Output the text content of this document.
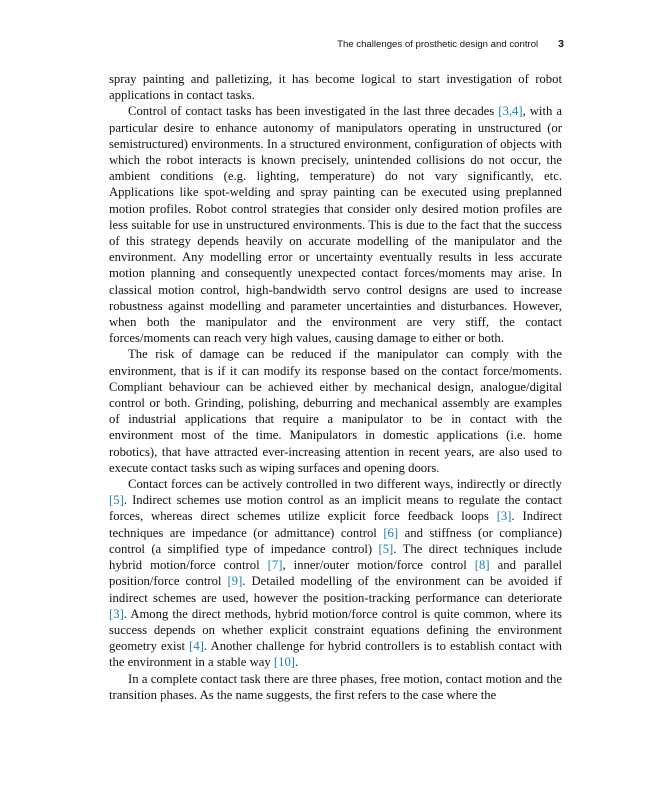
The challenges of prosthetic design and control 3

spray painting and palletizing, it has become logical to start investigation of robot applications in contact tasks.

Control of contact tasks has been investigated in the last three decades [3,4], with a particular desire to enhance autonomy of manipulators operating in unstructured (or semistructured) environments. In a structured environment, configuration of objects with which the robot interacts is known precisely, unintended collisions do not occur, the ambient conditions (e.g. lighting, temperature) do not vary significantly, etc. Applications like spot-welding and spray painting can be executed using preplanned motion profiles. Robot control strategies that consider only desired motion profiles are less suitable for use in unstructured environments. This is due to the fact that the success of this strategy depends heavily on accurate modelling of the manipulator and the environment. Any modelling error or uncertainty eventually results in less accurate motion planning and consequently unexpected contact forces/moments may arise. In classical motion control, high-bandwidth servo control designs are used to increase robustness against modelling and parameter uncertainties and disturbances. However, when both the manipulator and the environment are very stiff, the contact forces/moments can reach very high values, causing damage to either or both.

The risk of damage can be reduced if the manipulator can comply with the environment, that is if it can modify its response based on the contact force/moments. Compliant behaviour can be achieved either by mechanical design, analogue/digital control or both. Grinding, polishing, deburring and mechanical assembly are examples of industrial applications that require a manipulator to be in contact with the environment most of the time. Manipulators in domestic applications (i.e. home robotics), that have attracted ever-increasing attention in recent years, are also used to execute contact tasks such as wiping surfaces and opening doors.

Contact forces can be actively controlled in two different ways, indirectly or directly [5]. Indirect schemes use motion control as an implicit means to regulate the contact forces, whereas direct schemes utilize explicit force feedback loops [3]. Indirect techniques are impedance (or admittance) control [6] and stiffness (or compliance) control (a simplified type of impedance control) [5]. The direct techniques include hybrid motion/force control [7], inner/outer motion/force control [8] and parallel position/force control [9]. Detailed modelling of the environment can be avoided if indirect schemes are used, however the position-tracking performance can deteriorate [3]. Among the direct methods, hybrid motion/force control is quite common, where its success depends on whether explicit constraint equations defining the environment geometry exist [4]. Another challenge for hybrid controllers is to establish contact with the environment in a stable way [10].

In a complete contact task there are three phases, free motion, contact motion and the transition phases. As the name suggests, the first refers to the case where the
